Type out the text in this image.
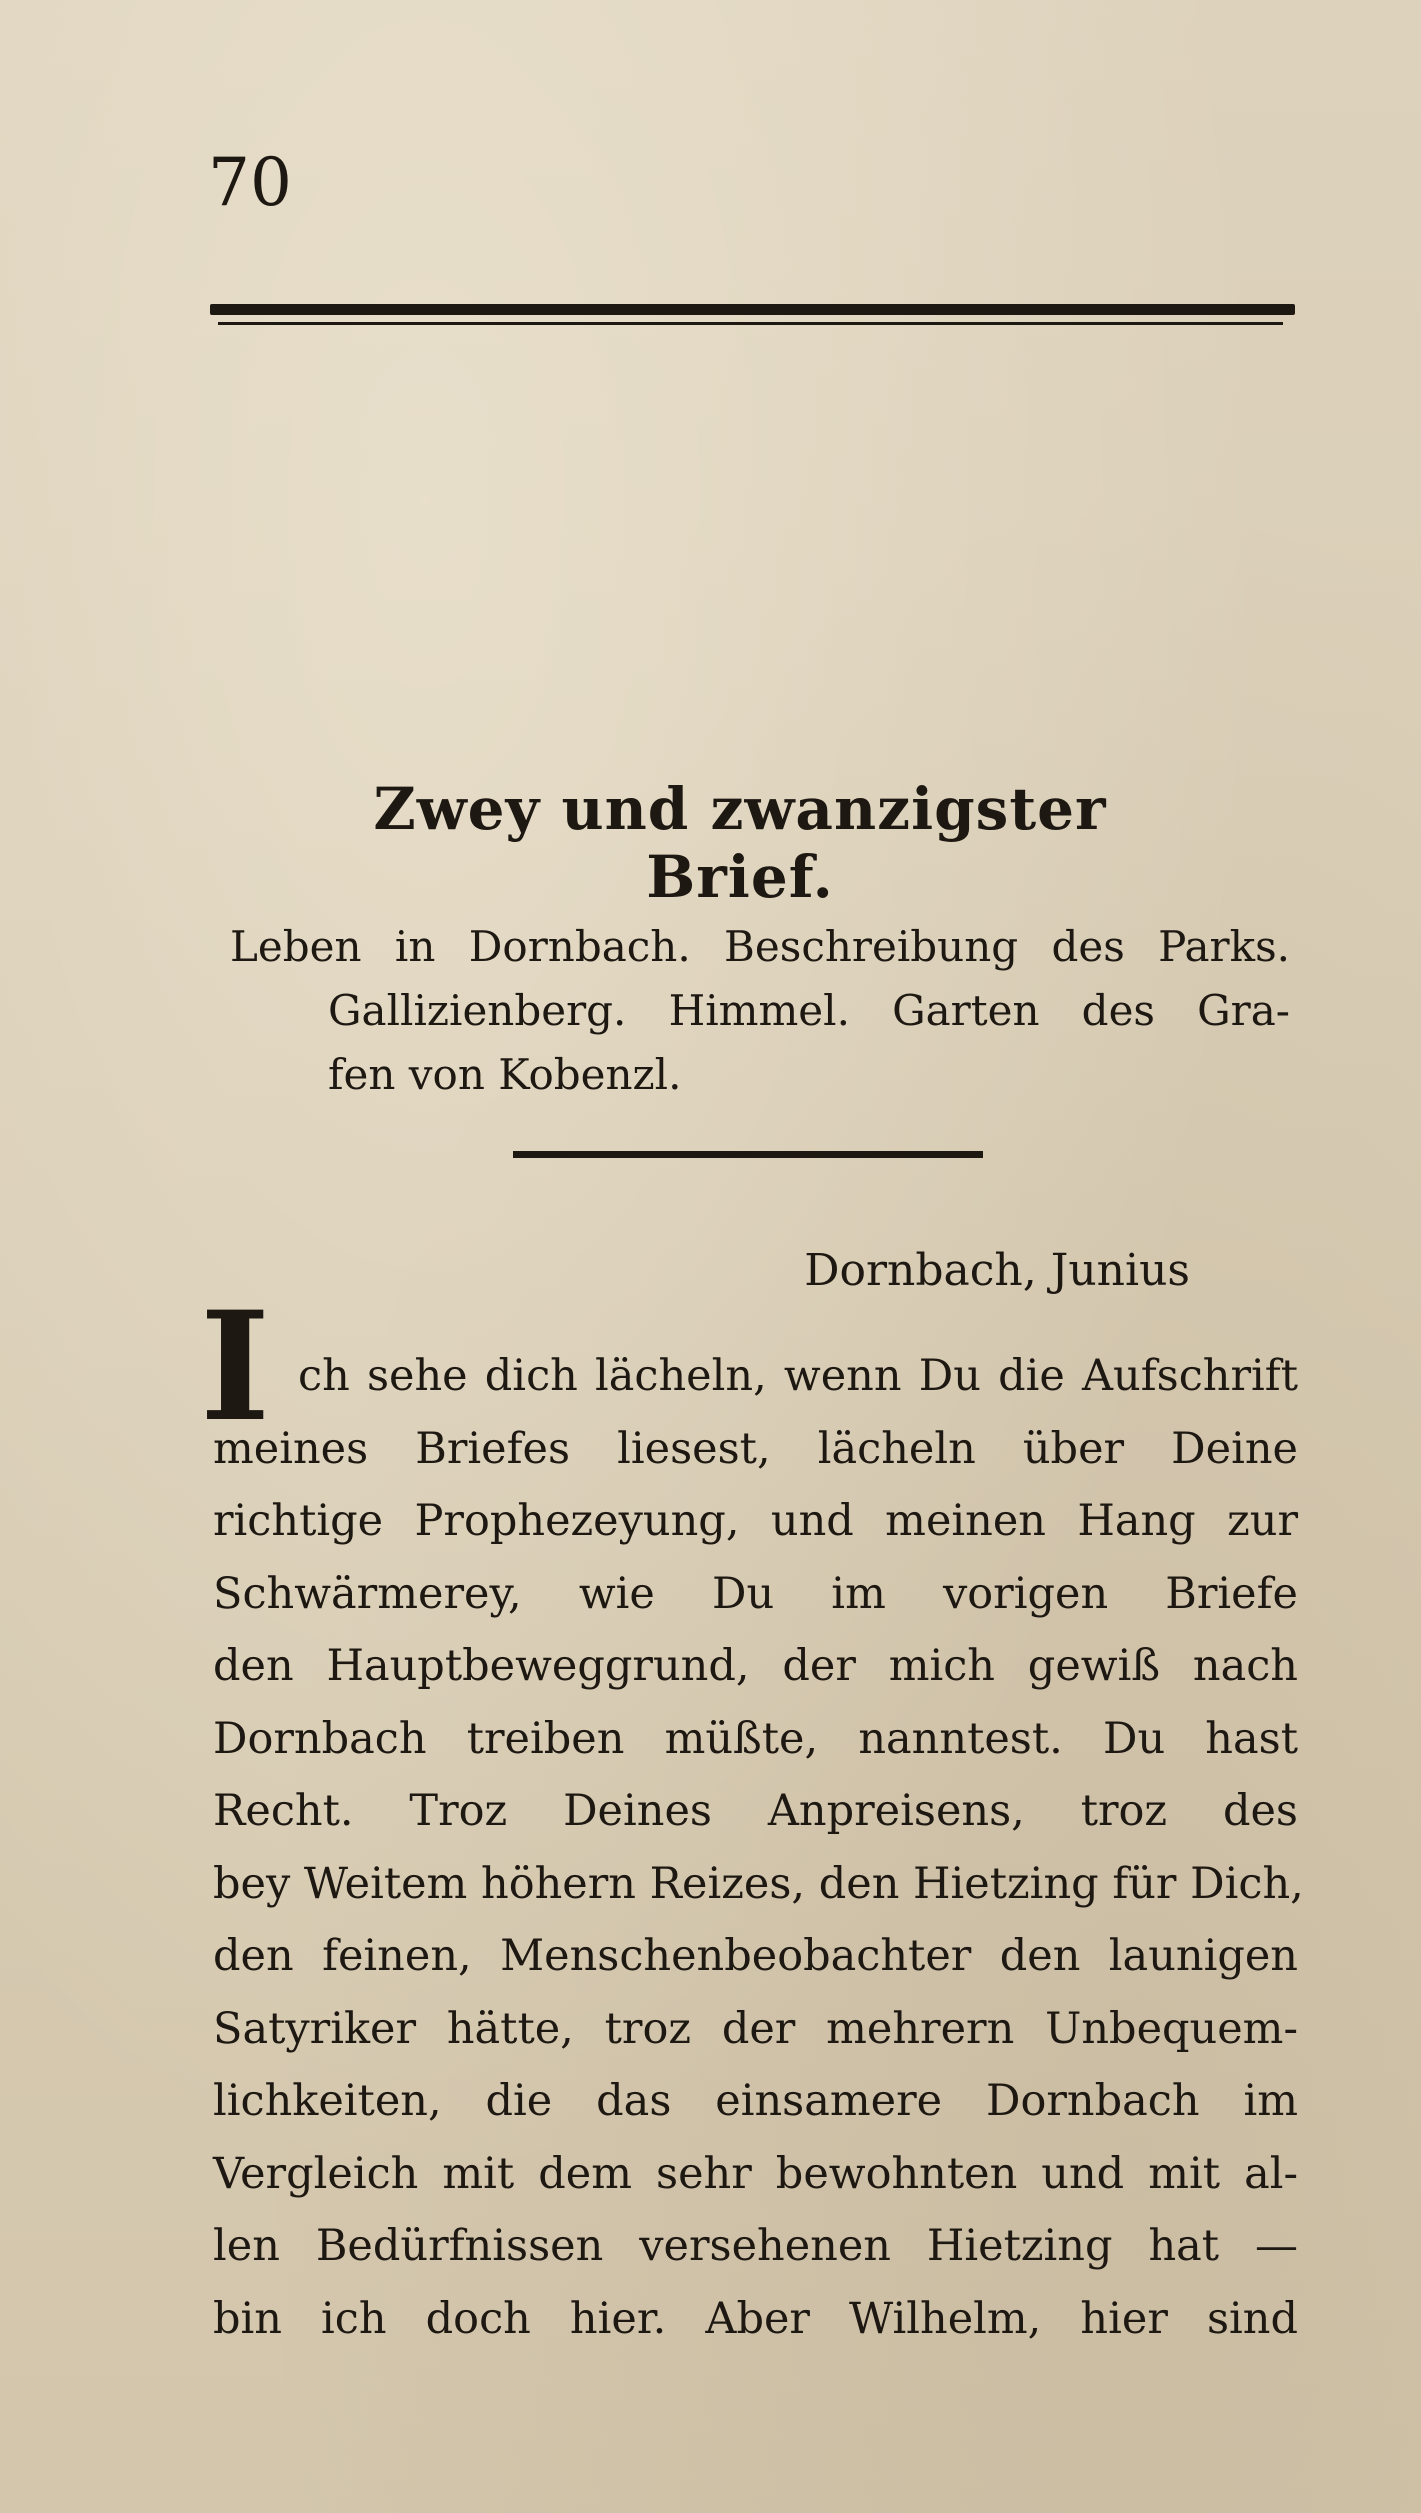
70
Zwey und zwanzigster Brief.
Leben in Dornbach. Beschreibung des Parks.
Gallizienberg. Himmel. Garten des Gra-
fen von Kobenzl.
Dornbach, Junius
I ch sehe dich lächeln, wenn Du die Aufschrift
meines Briefes liesest, lächeln über Deine
richtige Prophezeyung, und meinen Hang zur
Schwärmerey, wie Du im vorigen Briefe
den Hauptbeweggrund, der mich gewiß nach
Dornbach treiben müßte, nanntest. Du hast
Recht. Troz Deines Anpreisens, troz des
bey Weitem höhern Reizes, den Hietzing für Dich,
den feinen, Menschenbeobachter den launigen
Satyriker hätte, troz der mehrern Unbequem-
lichkeiten, die das einsamere Dornbach im
Vergleich mit dem sehr bewohnten und mit al-
len Bedürfnissen versehenen Hietzing hat —
bin ich doch hier. Aber Wilhelm, hier sind
